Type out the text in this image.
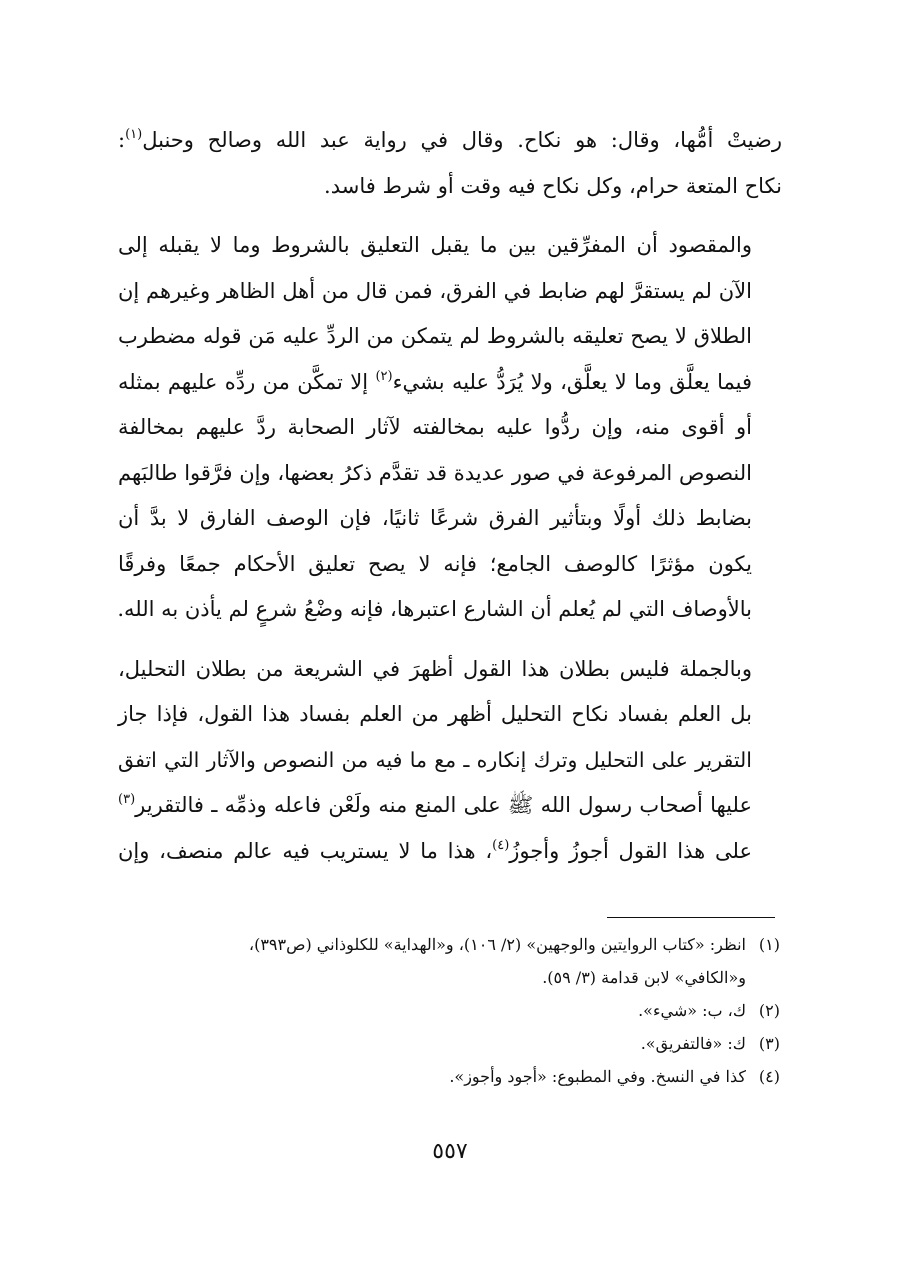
رضيتْ أمُّها، وقال: هو نكاح. وقال في رواية عبد الله وصالح وحنبل$^{(١)}$:
نكاح المتعة حرام، وكل نكاح فيه وقت أو شرط فاسد.

والمقصود أن المفرِّقين بين ما يقبل التعليق بالشروط وما لا يقبله إلى
الآن لم يستقرَّ لهم ضابط في الفرق، فمن قال من أهل الظاهر وغيرهم إن
الطلاق لا يصح تعليقه بالشروط لم يتمكن من الردِّ عليه مَن قوله مضطرب
فيما يعلَّق وما لا يعلَّق، ولا يُرَدُّ عليه بشيء$^{(٢)}$ إلا تمكَّن من ردِّه عليهم بمثله
أو أقوى منه، وإن ردُّوا عليه بمخالفته لآثار الصحابة ردَّ عليهم بمخالفة
النصوص المرفوعة في صور عديدة قد تقدَّم ذكرُ بعضها، وإن فرَّقوا طالبَهم
بضابط ذلك أولًا وبتأثير الفرق شرعًا ثانيًا، فإن الوصف الفارق لا بدَّ أن
يكون مؤثرًا كالوصف الجامع؛ فإنه لا يصح تعليق الأحكام جمعًا وفرقًا
بالأوصاف التي لم يُعلم أن الشارع اعتبرها، فإنه وضْعُ شرعٍ لم يأذن به الله.

وبالجملة فليس بطلان هذا القول أظهرَ في الشريعة من بطلان التحليل،
بل العلم بفساد نكاح التحليل أظهر من العلم بفساد هذا القول، فإذا جاز
التقرير على التحليل وترك إنكاره ـ مع ما فيه من النصوص والآثار التي اتفق
عليها أصحاب رسول الله ﷺ على المنع منه ولَعْن فاعله وذمِّه ـ فالتقرير$^{(٣)}$
على هذا القول أجوزُ وأجوزُ$^{(٤)}$، هذا ما لا يستريب فيه عالم منصف، وإن

(١)انظر: «كتاب الروايتين والوجهين» (٢/ ١٠٦)، و«الهداية» للكلوذاني (ص٣٩٣)،
و«الكافي» لابن قدامة (٣/ ٥٩).
(٢)ك، ب: «شيء».
(٣)ك: «فالتفريق».
(٤)كذا في النسخ. وفي المطبوع: «أجود وأجوز».
٥٥٧
